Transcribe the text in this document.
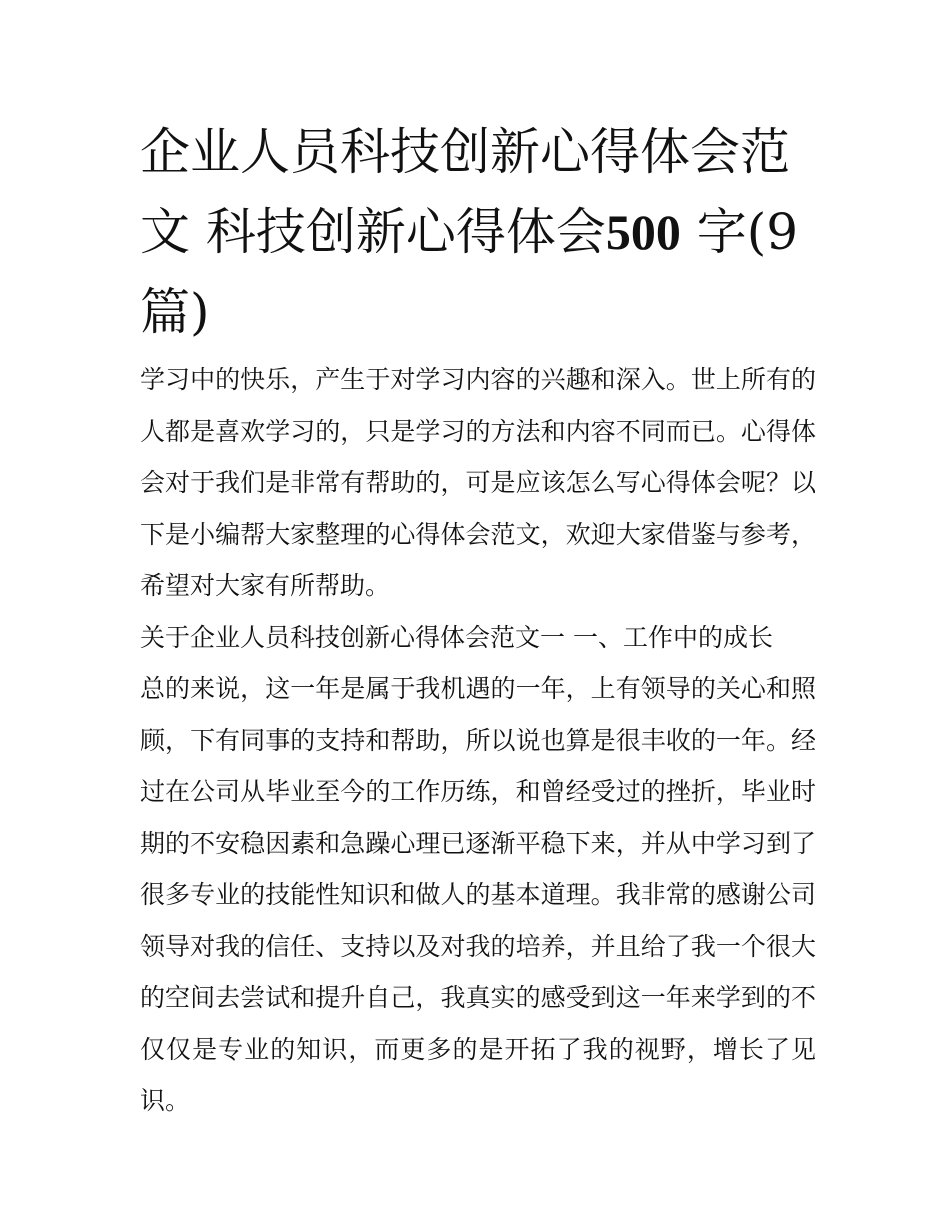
企业人员科技创新心得体会范文 科技创新心得体会500 字(9
篇)

学习中的快乐，产生于对学习内容的兴趣和深入。世上所有的人都是喜欢学习的，只是学习的方法和内容不同而已。心得体会对于我们是非常有帮助的，可是应该怎么写心得体会呢？以下是小编帮大家整理的心得体会范文，欢迎大家借鉴与参考，希望对大家有所帮助。

关于企业人员科技创新心得体会范文一 一、工作中的成长

总的来说，这一年是属于我机遇的一年，上有领导的关心和照顾，下有同事的支持和帮助，所以说也算是很丰收的一年。经过在公司从毕业至今的工作历练，和曾经受过的挫折，毕业时期的不安稳因素和急躁心理已逐渐平稳下来，并从中学习到了很多专业的技能性知识和做人的基本道理。我非常的感谢公司领导对我的信任、支持以及对我的培养，并且给了我一个很大的空间去尝试和提升自己，我真实的感受到这一年来学到的不仅仅是专业的知识，而更多的是开拓了我的视野，增长了见识。
